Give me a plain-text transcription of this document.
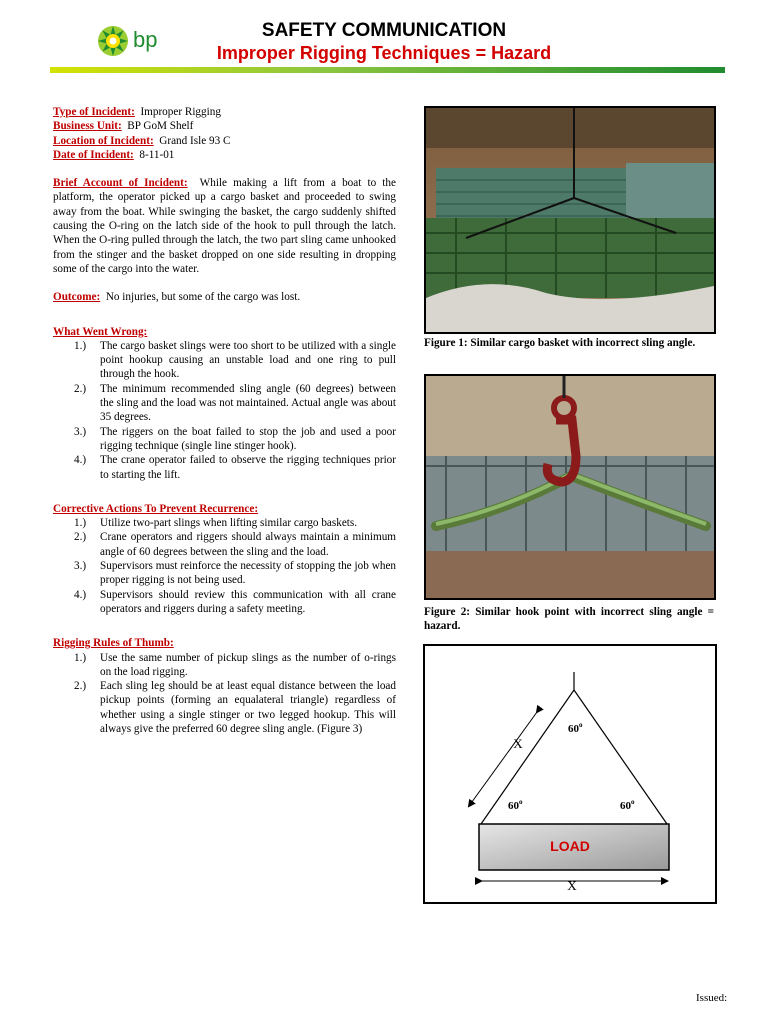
bp	SAFETY COMMUNICATION
Improper Rigging Techniques = Hazard

Type of Incident: Improper Rigging

Business Unit: BP GoM Shelf

Location of Incident: Grand Isle 93 C

Date of Incident: 8-11-01

Brief Account of Incident: While making a lift from a boat to the platform, the operator picked up a cargo basket and proceeded to swing away from the boat. While swinging the basket, the cargo suddenly shifted causing the O-ring on the latch side of the hook to pull through the latch. When the O-ring pulled through the latch, the two part sling came unhooked from the stinger and the basket dropped on one side resulting in dropping some of the cargo into the water.

Outcome: No injuries, but some of the cargo was lost.

What Went Wrong:

1.) The cargo basket slings were too short to be utilized with a single point hookup causing an unstable load and one ring to pull through the hook.
2.) The minimum recommended sling angle (60 degrees) between the sling and the load was not maintained. Actual angle was about 35 degrees.
3.) The riggers on the boat failed to stop the job and used a poor rigging technique (single line stinger hook).
4.) The crane operator failed to observe the rigging techniques prior to starting the lift.

Corrective Actions To Prevent Recurrence:

1.) Utilize two-part slings when lifting similar cargo baskets.
2.) Crane operators and riggers should always maintain a minimum angle of 60 degrees between the sling and the load.
3.) Supervisors must reinforce the necessity of stopping the job when proper rigging is not being used.
4.) Supervisors should review this communication with all crane operators and riggers during a safety meeting.

Rigging Rules of Thumb:

1.) Use the same number of pickup slings as the number of o-rings on the load rigging.
2.) Each sling leg should be at least equal distance between the load pickup points (forming an equalateral triangle) regardless of whether using a single stinger or two legged hookup. This will always give the preferred 60 degree sling angle. (Figure 3)
Figure 1: Similar cargo basket with incorrect sling angle.
Figure 2: Similar hook point with incorrect sling angle = hazard.
LOAD
X
X
60$^o$
60$^o$	60$^o$
Issued:
